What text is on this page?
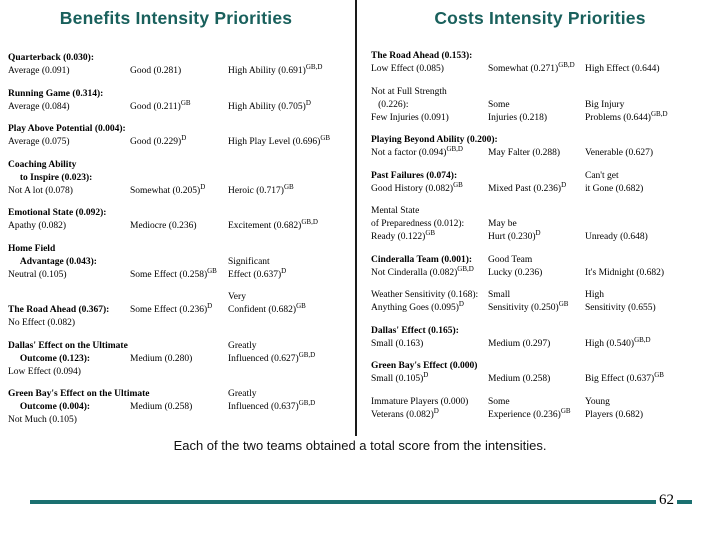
Benefits Intensity Priorities	Costs Intensity Priorities
Quarterback (0.030):
Average (0.091)	Good (0.281)	High Ability $(0.691)^{GB,D}$
Running Game (0.314):
Average (0.084)	Good $(0.211)^{GB}$	High Ability $(0.705)^D$
Play Above Potential (0.004):
Average (0.075)	Good $(0.229)^D$	High Play Level $(0.696)^{GB}$
Coaching Ability
to Inspire (0.023):
Not A lot (0.078)	Somewhat $(0.205)^D$	Heroic $(0.717)^{GB}$
Emotional State (0.092):
Apathy (0.082)	Mediocre (0.236)	Excitement $(0.682)^{GB,D}$
Home Field
Advantage (0.043):	Significant
Neutral (0.105)	Some Effect $(0.258)^{GB}$	Effect $(0.637)^D$
Very
The Road Ahead (0.367):	Some Effect $(0.236)^D$	Confident $(0.682)^{GB}$
No Effect (0.082)
Dallas' Effect on the Ultimate	Greatly
Outcome (0.123):	Medium (0.280)	Influenced $(0.627)^{GB,D}$
Low Effect (0.094)
Green Bay's Effect on the Ultimate	Greatly
Outcome (0.004):	Medium (0.258)	Influenced $(0.637)^{GB,D}$
Not Much (0.105)
The Road Ahead (0.153):
Low Effect (0.085)	Somewhat $(0.271)^{GB,D}$	High Effect (0.644)
Not at Full Strength
(0.226):	Some	Big Injury
Few Injuries (0.091)	Injuries (0.218)	Problems $(0.644)^{GB,D}$
Playing Beyond Ability (0.200):
Not a factor $(0.094)^{GB,D}$	May Falter (0.288)	Venerable (0.627)
Past Failures (0.074):	Can't get
Good History $(0.082)^{GB}$	Mixed Past $(0.236)^D$	it Gone (0.682)
Mental State
of Preparedness (0.012):	May be
Ready $(0.122)^{GB}$	Hurt $(0.230)^D$	Unready (0.648)
Cinderalla Team (0.001):	Good Team
Not Cinderalla $(0.082)^{GB,D}$	Lucky (0.236)	It's Midnight (0.682)
Weather Sensitivity (0.168):	Small	High
Anything Goes $(0.095)^D$	Sensitivity $(0.250)^{GB}$	Sensitivity (0.655)
Dallas' Effect (0.165):
Small (0.163)	Medium (0.297)	High $(0.540)^{GB,D}$
Green Bay's Effect (0.000)
Small $(0.105)^D$	Medium (0.258)	Big Effect $(0.637)^{GB}$
Immature Players (0.000)	Some	Young
Veterans $(0.082)^D$	Experience $(0.236)^{GB}$	Players (0.682)
Each of the two teams obtained a total score from the intensities.
62
